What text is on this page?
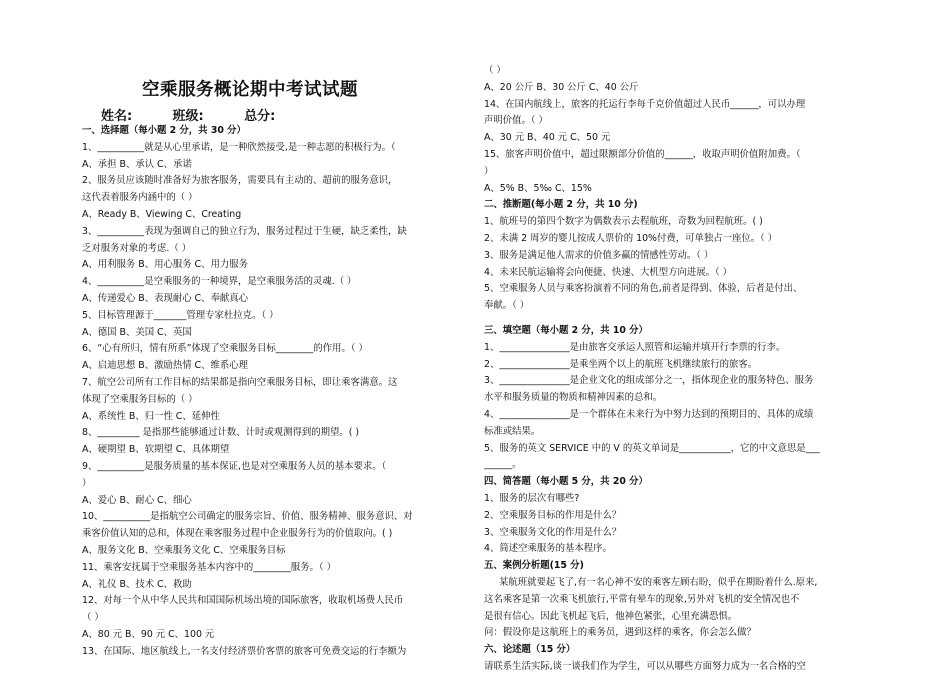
空乘服务概论期中考试试题
姓名:	班级:	总分:
一、选择题（每小题 2 分，共 30 分）
1、__________就是从心里承诺，是一种欣然接受,是一种志愿的积极行为。（
A、承担 B、承认 C、承诺
2、服务员应该随时准备好为旅客服务，需要具有主动的、超前的服务意识，
这代表着服务内涵中的（ ）
A、Ready B、Viewing C、Creating
3、__________表现为强调自己的独立行为，服务过程过于生硬，缺乏柔性，缺
乏对服务对象的考虑.（ ）
A、用利服务 B、用心服务 C、用力服务
4、__________是空乘服务的一种境界，是空乘服务活的灵魂.（ ）
A、传递爱心 B、表现耐心 C、奉献真心
5、目标管理源于_______管理专家杜拉克。（ ）
A、德国 B、美国 C、英国
6、“心有所归，情有所系”体现了空乘服务目标________的作用。（ ）
A、启迪思想 B、激励热情 C、维系心理
7、航空公司所有工作目标的结果都是指向空乘服务目标，即让乘客满意。这
体现了空乘服务目标的（ ）
A、系统性 B、归一性 C、延伸性
8、_________ 是指那些能够通过计数、计时或观测得到的期望。( )
A、硬期望 B、软期望 C、具体期望
9、__________是服务质量的基本保证,也是对空乘服务人员的基本要求。（
）
A、爱心 B、耐心 C、细心
10、__________是指航空公司确定的服务宗旨、价值、服务精神、服务意识、对
乘客价值认知的总和，体现在乘客服务过程中企业服务行为的价值取向。( )
A、服务文化 B、空乘服务文化 C、空乘服务目标
11、乘客安抚属于空乘服务基本内容中的________服务。（ ）
A、礼仪 B、技术 C、救助
12、对每一个从中华人民共和国国际机场出境的国际旅客，收取机场费人民币
（ ）
A、80 元 B、90 元 C、100 元
13、在国际、地区航线上,一名支付经济票价客票的旅客可免费交运的行李额为
（ ）
A、20 公斤 B、30 公斤 C、40 公斤
14、在国内航线上，旅客的托运行李每千克价值超过人民币______，可以办理
声明价值。（ ）
A、30 元 B、40 元 C、50 元
15、旅客声明价值中，超过限额部分价值的______，收取声明价值附加费。（
）
A、5% B、5‰ C、15%
二、推断题(每小题 2 分，共 10 分)
1、航班号的第四个数字为偶数表示去程航班，奇数为回程航班。( )
2、未满 2 周岁的婴儿按成人票价的 10%付费，可单独占一座位。（ ）
3、服务是满足他人需求的价值多赢的情感性劳动。（ ）
4、未来民航运输将会向便捷、快速、大机型方向进展。（ ）
5、空乘服务人员与乘客扮演着不同的角色,前者是得到、体验，后者是付出、
奉献。（ ）
三、填空题（每小题 2 分，共 10 分）
1、_______________是由旅客交承运人照管和运输并填开行李票的行李。
2、_______________是乘坐两个以上的航班飞机继续旅行的旅客。
3、_______________是企业文化的组成部分之一，指体现企业的服务特色、服务
水平和服务质量的物质和精神因素的总和。
4、_______________是一个群体在未来行为中努力达到的预期目的、具体的成绩
标准或结果。
5、服务的英文 SERVICE 中的 V 的英文单词是___________，它的中文意思是___
______。
四、简答题（每小题 5 分，共 20 分）
1、服务的层次有哪些?
2、空乘服务目标的作用是什么？
3、空乘服务文化的作用是什么？
4、简述空乘服务的基本程序。
五、案例分析题(15 分)
某航班就要起飞了,有一名心神不安的乘客左顾右盼，似乎在期盼着什么.原来,
这名乘客是第一次乘飞机旅行,平常有晕车的现象,另外对飞机的安全情况也不
是很有信心。因此飞机起飞后，他神色紧张，心里充满恐惧。
问：假设你是这航班上的乘务员，遇到这样的乘客，你会怎么做？
六、论述题（15 分）
请联系生活实际,谈一谈我们作为学生，可以从哪些方面努力成为一名合格的空
